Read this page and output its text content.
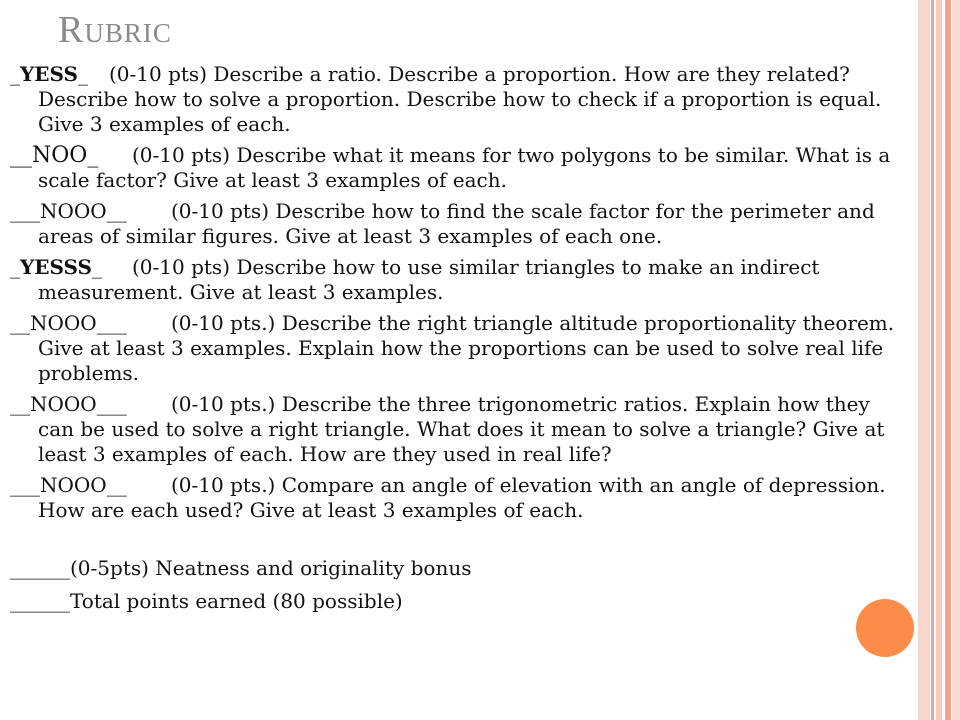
RUBRIC
_YESS_ (0-10 pts) Describe a ratio. Describe a proportion. How are they related? Describe how to solve a proportion. Describe how to check if a proportion is equal. Give 3 examples of each.
__NOO_ (0-10 pts) Describe what it means for two polygons to be similar. What is a scale factor? Give at least 3 examples of each.
___NOOO__ (0-10 pts) Describe how to find the scale factor for the perimeter and areas of similar figures. Give at least 3 examples of each one.
_YESSS_ (0-10 pts) Describe how to use similar triangles to make an indirect measurement. Give at least 3 examples.
__NOOO___ (0-10 pts.) Describe the right triangle altitude proportionality theorem. Give at least 3 examples. Explain how the proportions can be used to solve real life problems.
__NOOO___ (0-10 pts.) Describe the three trigonometric ratios. Explain how they can be used to solve a right triangle. What does it mean to solve a triangle? Give at least 3 examples of each. How are they used in real life?
___NOOO__ (0-10 pts.) Compare an angle of elevation with an angle of depression. How are each used? Give at least 3 examples of each.
______(0-5pts) Neatness and originality bonus
______Total points earned (80 possible)
